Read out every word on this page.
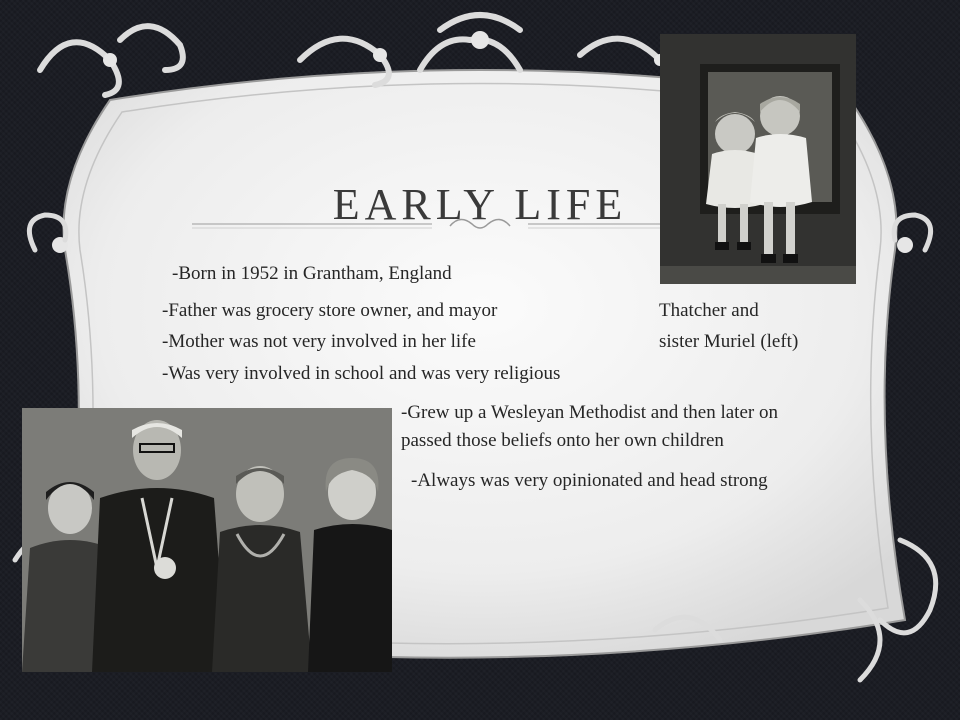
EARLY LIFE
-Born in 1952 in Grantham, England
-Father was grocery store owner, and mayor
-Mother was not very involved in her life
-Was very involved in school and was very religious
Thatcher and
sister Muriel (left)
-Grew up a Wesleyan Methodist and then later on
passed those beliefs onto her own children
-Always was very opinionated and head strong
